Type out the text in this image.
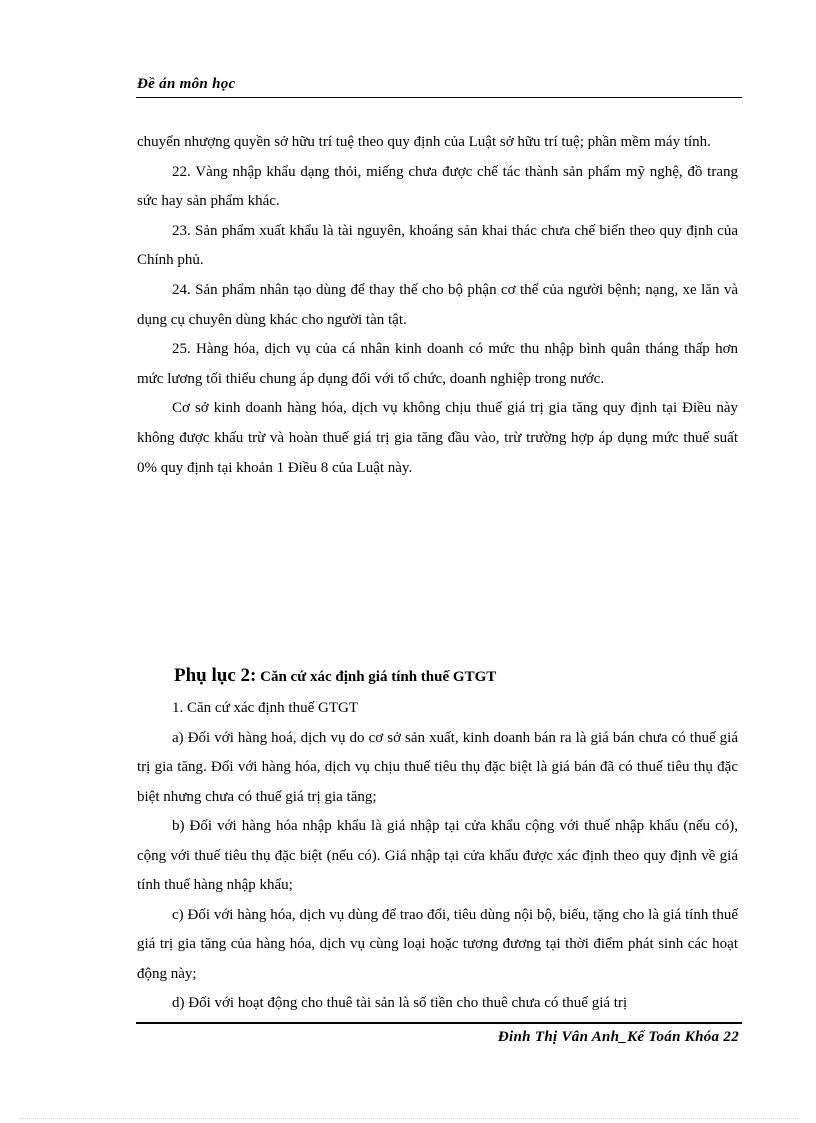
Đề án môn học

chuyển nhượng quyền sở hữu trí tuệ theo quy định của Luật sở hữu trí tuệ; phần mềm máy tính.

22. Vàng nhập khẩu dạng thỏi, miếng chưa được chế tác thành sản phẩm mỹ nghệ, đồ trang sức hay sản phẩm khác.

23. Sản phẩm xuất khẩu là tài nguyên, khoáng sản khai thác chưa chế biến theo quy định của Chính phủ.

24. Sản phẩm nhân tạo dùng để thay thế cho bộ phận cơ thể của người bệnh; nạng, xe lăn và dụng cụ chuyên dùng khác cho người tàn tật.

25. Hàng hóa, dịch vụ của cá nhân kinh doanh có mức thu nhập bình quân tháng thấp hơn mức lương tối thiểu chung áp dụng đối với tổ chức, doanh nghiệp trong nước.

Cơ sở kinh doanh hàng hóa, dịch vụ không chịu thuế giá trị gia tăng quy định tại Điều này không được khấu trừ và hoàn thuế giá trị gia tăng đầu vào, trừ trường hợp áp dụng mức thuế suất 0% quy định tại khoản 1 Điều 8 của Luật này.

Phụ lục 2: Căn cứ xác định giá tính thuế GTGT

1. Căn cứ xác định thuế GTGT

a) Đối với hàng hoá, dịch vụ do cơ sở sản xuất, kinh doanh bán ra là giá bán chưa có thuế giá trị gia tăng. Đối với hàng hóa, dịch vụ chịu thuế tiêu thụ đặc biệt là giá bán đã có thuế tiêu thụ đặc biệt nhưng chưa có thuế giá trị gia tăng;

b) Đối với hàng hóa nhập khẩu là giá nhập tại cửa khẩu cộng với thuế nhập khẩu (nếu có), cộng với thuế tiêu thụ đặc biệt (nếu có). Giá nhập tại cửa khẩu được xác định theo quy định về giá tính thuế hàng nhập khẩu;

c) Đối với hàng hóa, dịch vụ dùng để trao đổi, tiêu dùng nội bộ, biếu, tặng cho là giá tính thuế giá trị gia tăng của hàng hóa, dịch vụ cùng loại hoặc tương đương tại thời điểm phát sinh các hoạt động này;

d) Đối với hoạt động cho thuê tài sản là số tiền cho thuê chưa có thuế giá trị

Đinh Thị Vân Anh_Kế Toán Khóa 22
